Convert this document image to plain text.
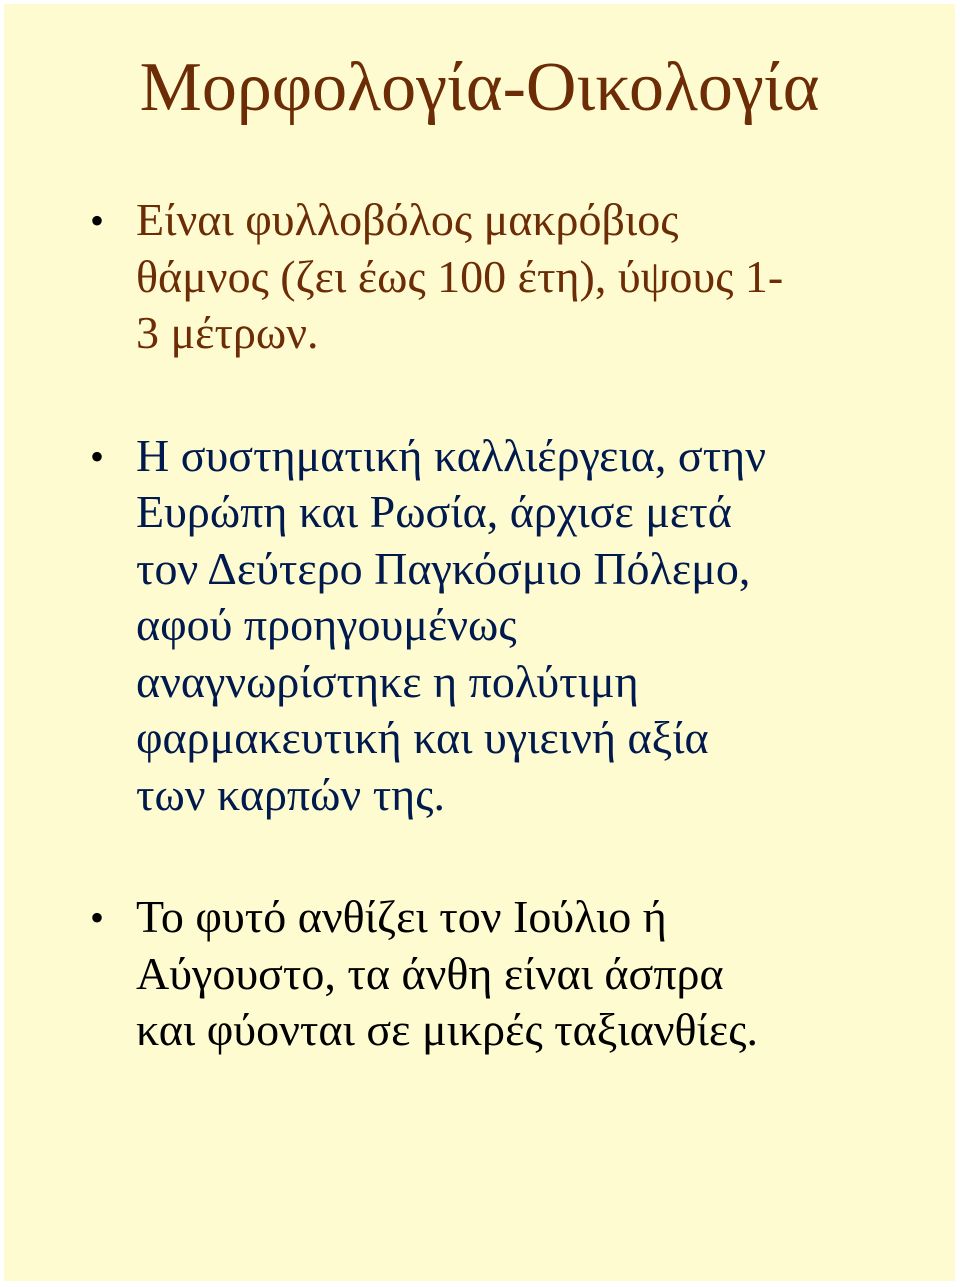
Μορφολογία-Οικολογία
• Είναι φυλλοβόλος μακρόβιος
θάμνος (ζει έως 100 έτη), ύψους 1-
3 μέτρων.
• Η συστηματική καλλιέργεια, στην
Ευρώπη και Ρωσία, άρχισε μετά
τον Δεύτερο Παγκόσμιο Πόλεμο,
αφού προηγουμένως
αναγνωρίστηκε η πολύτιμη
φαρμακευτική και υγιεινή αξία
των καρπών της.
• Το φυτό ανθίζει τον Ιούλιο ή
Αύγουστο, τα άνθη είναι άσπρα
και φύονται σε μικρές ταξιανθίες.
